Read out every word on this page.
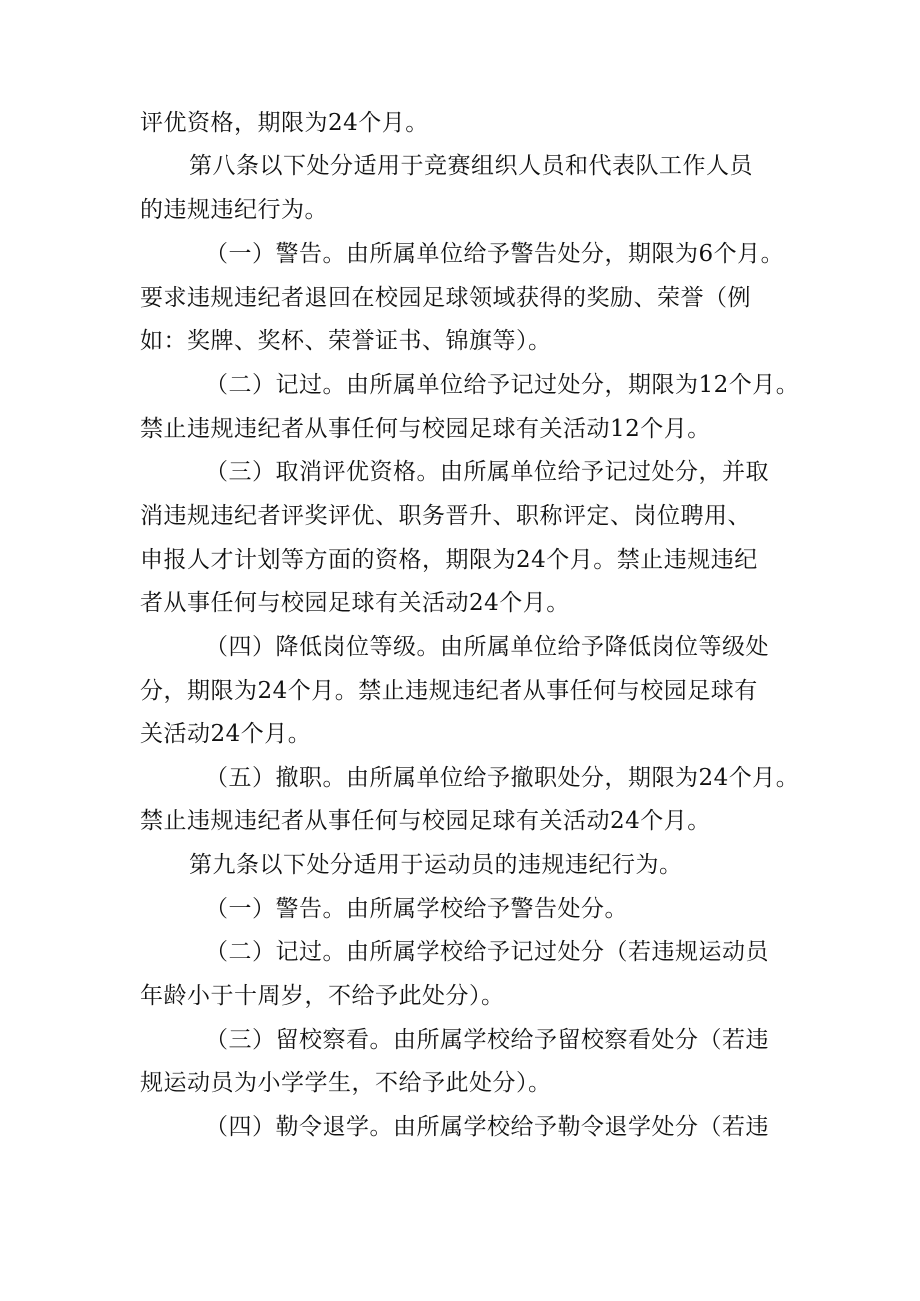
评优资格，期限为24个月。
第八条以下处分适用于竞赛组织人员和代表队工作人员
的违规违纪行为。
（一）警告。由所属单位给予警告处分，期限为6个月。
要求违规违纪者退回在校园足球领域获得的奖励、荣誉（例
如：奖牌、奖杯、荣誉证书、锦旗等）。
（二）记过。由所属单位给予记过处分，期限为12个月。
禁止违规违纪者从事任何与校园足球有关活动12个月。
（三）取消评优资格。由所属单位给予记过处分，并取
消违规违纪者评奖评优、职务晋升、职称评定、岗位聘用、
申报人才计划等方面的资格，期限为24个月。禁止违规违纪
者从事任何与校园足球有关活动24个月。
（四）降低岗位等级。由所属单位给予降低岗位等级处
分，期限为24个月。禁止违规违纪者从事任何与校园足球有
关活动24个月。
（五）撤职。由所属单位给予撤职处分，期限为24个月。
禁止违规违纪者从事任何与校园足球有关活动24个月。
第九条以下处分适用于运动员的违规违纪行为。
（一）警告。由所属学校给予警告处分。
（二）记过。由所属学校给予记过处分（若违规运动员
年龄小于十周岁，不给予此处分）。
（三）留校察看。由所属学校给予留校察看处分（若违
规运动员为小学学生，不给予此处分）。
（四）勒令退学。由所属学校给予勒令退学处分（若违
